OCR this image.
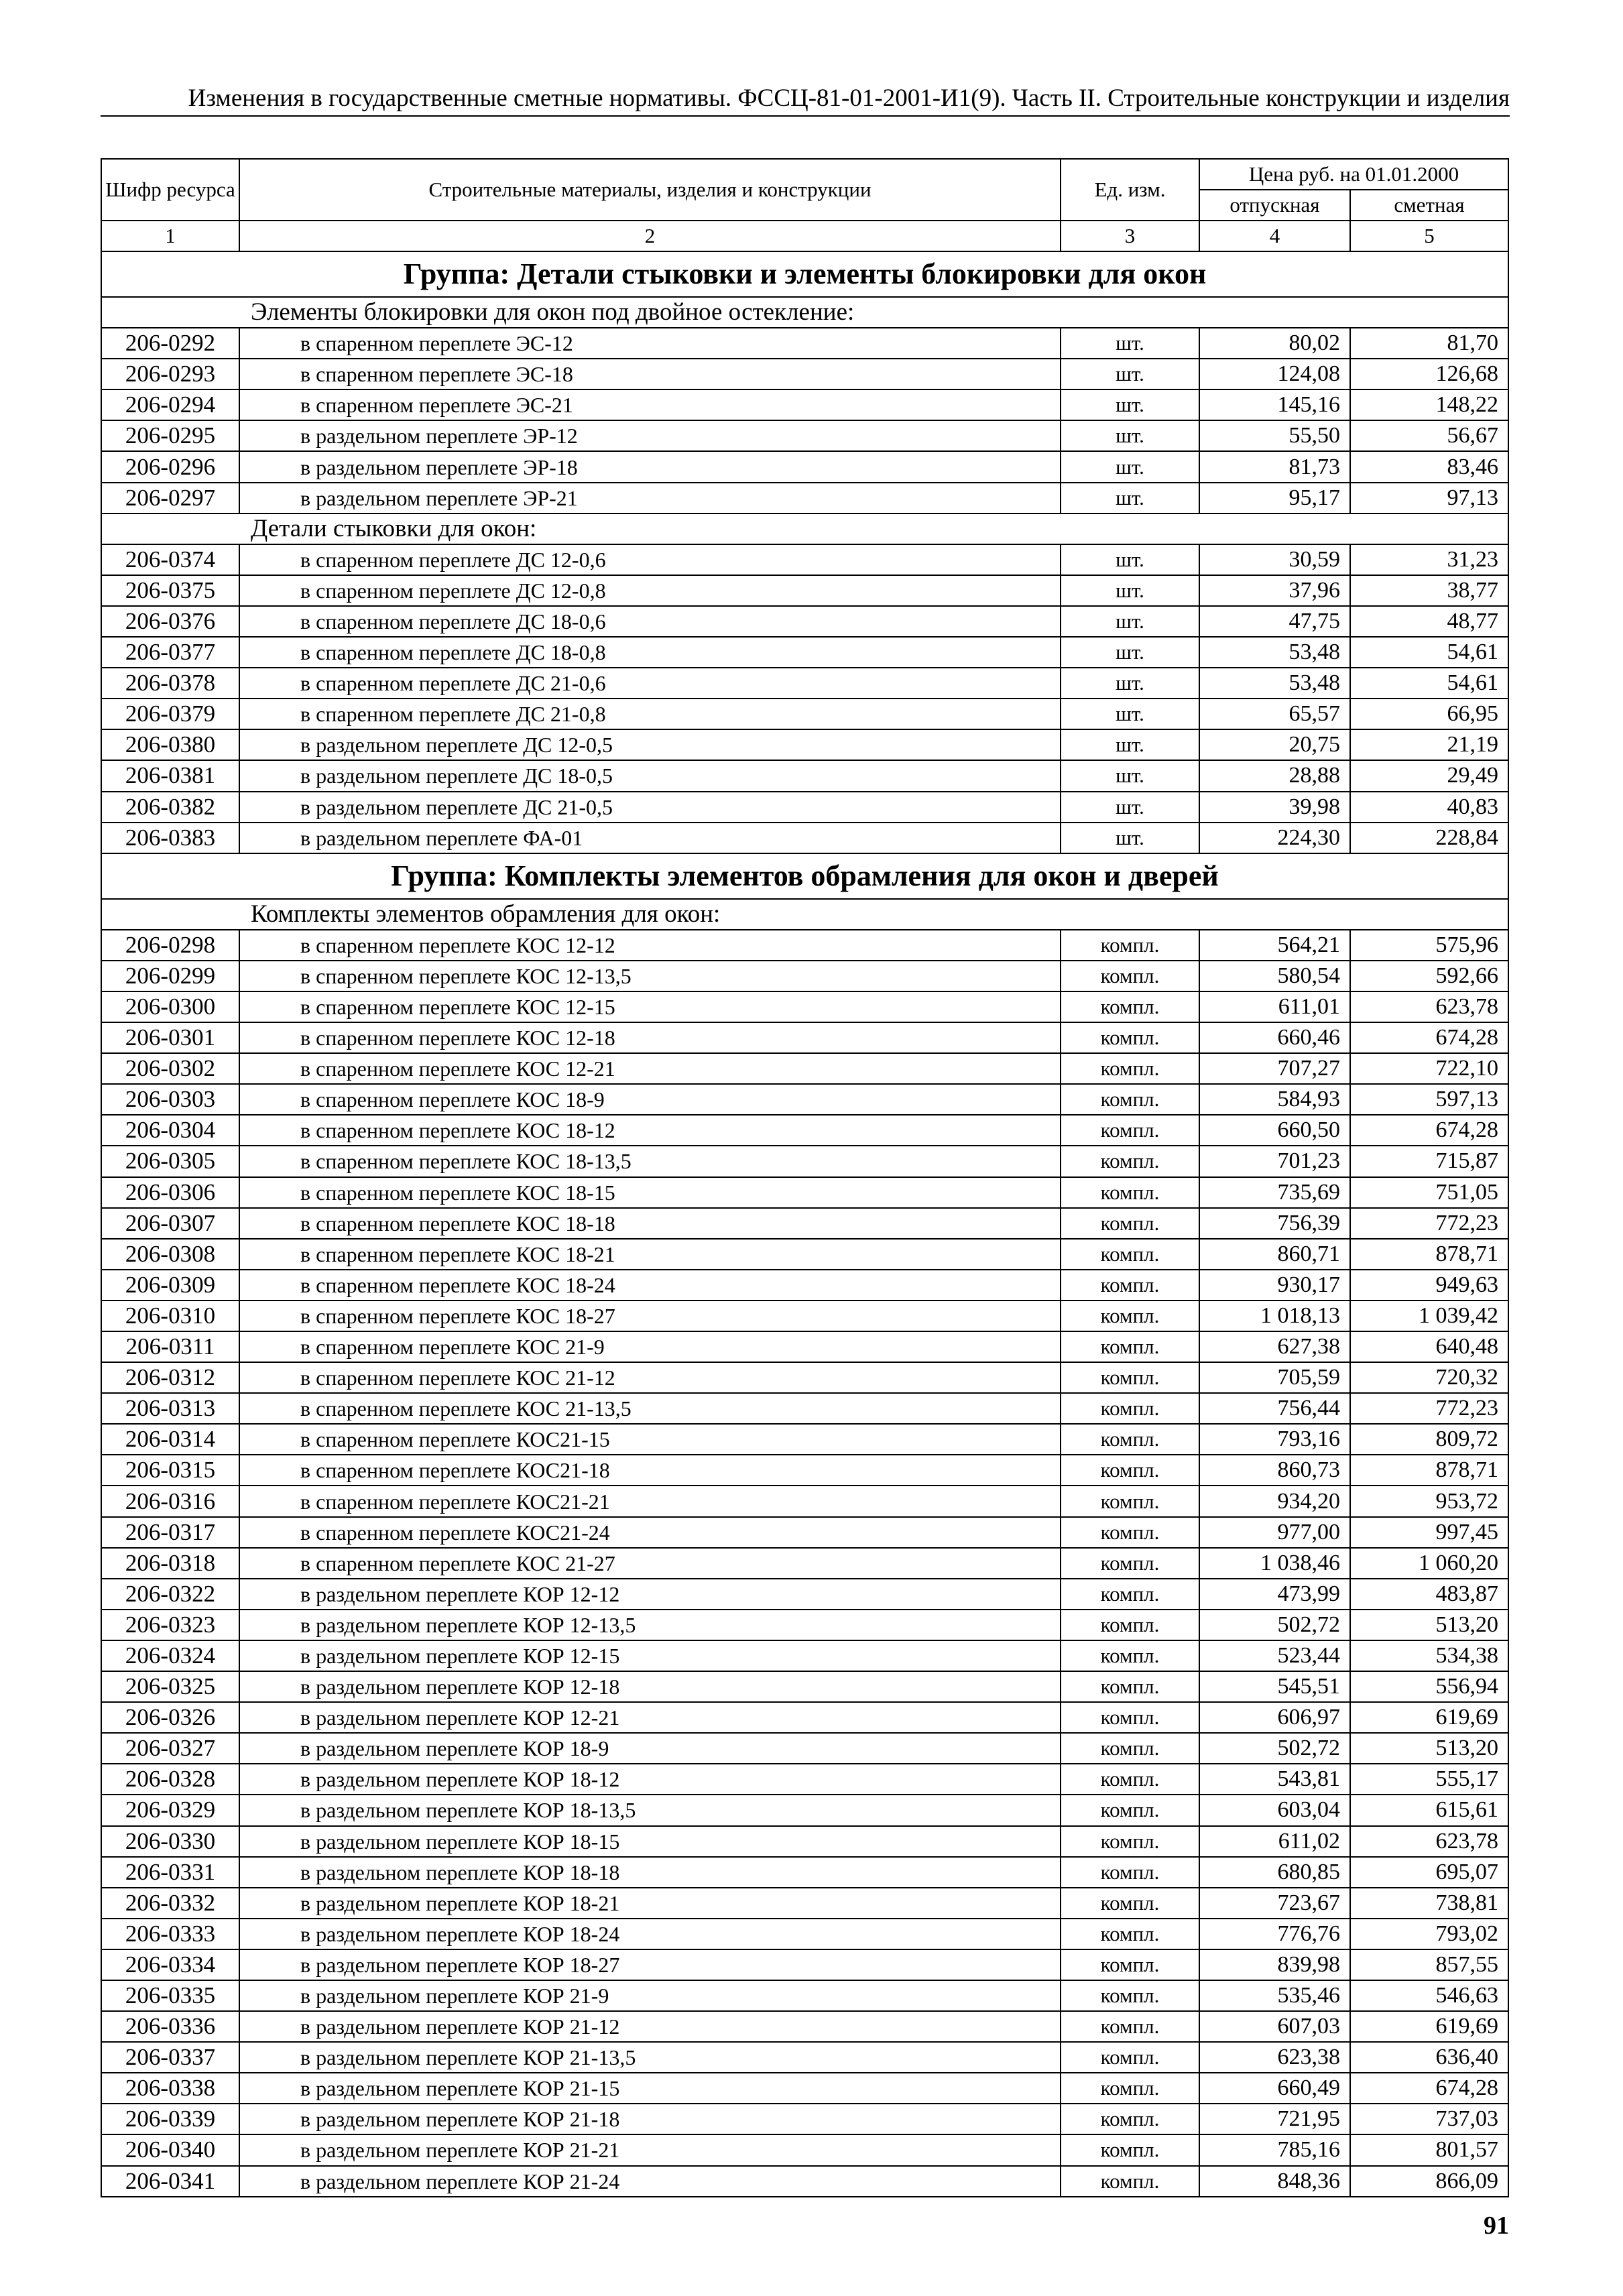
Изменения в государственные сметные нормативы. ФССЦ-81-01-2001-И1(9). Часть II. Строительные конструкции и изделия
Шифр ресурса	Строительные материалы, изделия и конструкции	Ед. изм.	Цена руб. на 01.01.2000	
			отпускная	сметная
1	2	3	4	5
Группа: Детали стыковки и элементы блокировки для окон				
Элементы блокировки для окон под двойное остекление:				
206-0292	в спаренном переплете ЭС-12	шт.	80,02	81,70
206-0293	в спаренном переплете ЭС-18	шт.	124,08	126,68
206-0294	в спаренном переплете ЭС-21	шт.	145,16	148,22
206-0295	в раздельном переплете ЭР-12	шт.	55,50	56,67
206-0296	в раздельном переплете ЭР-18	шт.	81,73	83,46
206-0297	в раздельном переплете ЭР-21	шт.	95,17	97,13
Детали стыковки для окон:				
206-0374	в спаренном переплете ДС 12-0,6	шт.	30,59	31,23
206-0375	в спаренном переплете ДС 12-0,8	шт.	37,96	38,77
206-0376	в спаренном переплете ДС 18-0,6	шт.	47,75	48,77
206-0377	в спаренном переплете ДС 18-0,8	шт.	53,48	54,61
206-0378	в спаренном переплете ДС 21-0,6	шт.	53,48	54,61
206-0379	в спаренном переплете ДС 21-0,8	шт.	65,57	66,95
206-0380	в раздельном переплете ДС 12-0,5	шт.	20,75	21,19
206-0381	в раздельном переплете ДС 18-0,5	шт.	28,88	29,49
206-0382	в раздельном переплете ДС 21-0,5	шт.	39,98	40,83
206-0383	в раздельном переплете ФА-01	шт.	224,30	228,84
Группа: Комплекты элементов обрамления для окон и дверей				
Комплекты элементов обрамления для окон:				
206-0298	в спаренном переплете КОС 12-12	компл.	564,21	575,96
206-0299	в спаренном переплете КОС 12-13,5	компл.	580,54	592,66
206-0300	в спаренном переплете КОС 12-15	компл.	611,01	623,78
206-0301	в спаренном переплете КОС 12-18	компл.	660,46	674,28
206-0302	в спаренном переплете КОС 12-21	компл.	707,27	722,10
206-0303	в спаренном переплете КОС 18-9	компл.	584,93	597,13
206-0304	в спаренном переплете КОС 18-12	компл.	660,50	674,28
206-0305	в спаренном переплете КОС 18-13,5	компл.	701,23	715,87
206-0306	в спаренном переплете КОС 18-15	компл.	735,69	751,05
206-0307	в спаренном переплете КОС 18-18	компл.	756,39	772,23
206-0308	в спаренном переплете КОС 18-21	компл.	860,71	878,71
206-0309	в спаренном переплете КОС 18-24	компл.	930,17	949,63
206-0310	в спаренном переплете КОС 18-27	компл.	1 018,13	1 039,42
206-0311	в спаренном переплете КОС 21-9	компл.	627,38	640,48
206-0312	в спаренном переплете КОС 21-12	компл.	705,59	720,32
206-0313	в спаренном переплете КОС 21-13,5	компл.	756,44	772,23
206-0314	в спаренном переплете КОС21-15	компл.	793,16	809,72
206-0315	в спаренном переплете КОС21-18	компл.	860,73	878,71
206-0316	в спаренном переплете КОС21-21	компл.	934,20	953,72
206-0317	в спаренном переплете КОС21-24	компл.	977,00	997,45
206-0318	в спаренном переплете КОС 21-27	компл.	1 038,46	1 060,20
206-0322	в раздельном переплете КОР 12-12	компл.	473,99	483,87
206-0323	в раздельном переплете КОР 12-13,5	компл.	502,72	513,20
206-0324	в раздельном переплете КОР 12-15	компл.	523,44	534,38
206-0325	в раздельном переплете КОР 12-18	компл.	545,51	556,94
206-0326	в раздельном переплете КОР 12-21	компл.	606,97	619,69
206-0327	в раздельном переплете КОР 18-9	компл.	502,72	513,20
206-0328	в раздельном переплете КОР 18-12	компл.	543,81	555,17
206-0329	в раздельном переплете КОР 18-13,5	компл.	603,04	615,61
206-0330	в раздельном переплете КОР 18-15	компл.	611,02	623,78
206-0331	в раздельном переплете КОР 18-18	компл.	680,85	695,07
206-0332	в раздельном переплете КОР 18-21	компл.	723,67	738,81
206-0333	в раздельном переплете КОР 18-24	компл.	776,76	793,02
206-0334	в раздельном переплете КОР 18-27	компл.	839,98	857,55
206-0335	в раздельном переплете КОР 21-9	компл.	535,46	546,63
206-0336	в раздельном переплете КОР 21-12	компл.	607,03	619,69
206-0337	в раздельном переплете КОР 21-13,5	компл.	623,38	636,40
206-0338	в раздельном переплете КОР 21-15	компл.	660,49	674,28
206-0339	в раздельном переплете КОР 21-18	компл.	721,95	737,03
206-0340	в раздельном переплете КОР 21-21	компл.	785,16	801,57
206-0341	в раздельном переплете КОР 21-24	компл.	848,36	866,09
91
